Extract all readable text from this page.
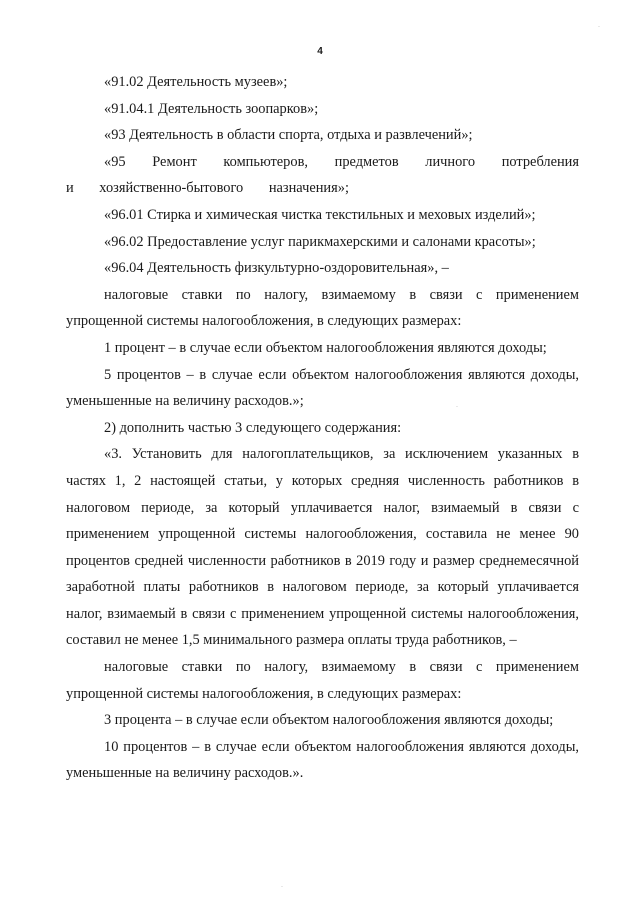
4

«91.02 Деятельность музеев»;

«91.04.1 Деятельность зоопарков»;

«93 Деятельность в области спорта, отдыха и развлечений»;

«95 Ремонт компьютеров, предметов личного потребления и хозяйственно-бытового назначения»;

«96.01 Стирка и химическая чистка текстильных и меховых изделий»;

«96.02 Предоставление услуг парикмахерскими и салонами красоты»;

«96.04 Деятельность физкультурно-оздоровительная», –

налоговые ставки по налогу, взимаемому в связи с применением упрощенной системы налогообложения, в следующих размерах:

1 процент – в случае если объектом налогообложения являются доходы;

5 процентов – в случае если объектом налогообложения являются доходы, уменьшенные на величину расходов.»;

2) дополнить частью 3 следующего содержания:

«3. Установить для налогоплательщиков, за исключением указанных в частях 1, 2 настоящей статьи, у которых средняя численность работников в налоговом периоде, за который уплачивается налог, взимаемый в связи с применением упрощенной системы налогообложения, составила не менее 90 процентов средней численности работников в 2019 году и размер среднемесячной заработной платы работников в налоговом периоде, за который уплачивается налог, взимаемый в связи с применением упрощенной системы налогообложения, составил не менее 1,5 минимального размера оплаты труда работников, –

налоговые ставки по налогу, взимаемому в связи с применением упрощенной системы налогообложения, в следующих размерах:

3 процента – в случае если объектом налогообложения являются доходы;

10 процентов – в случае если объектом налогообложения являются доходы, уменьшенные на величину расходов.».

·
·
·
